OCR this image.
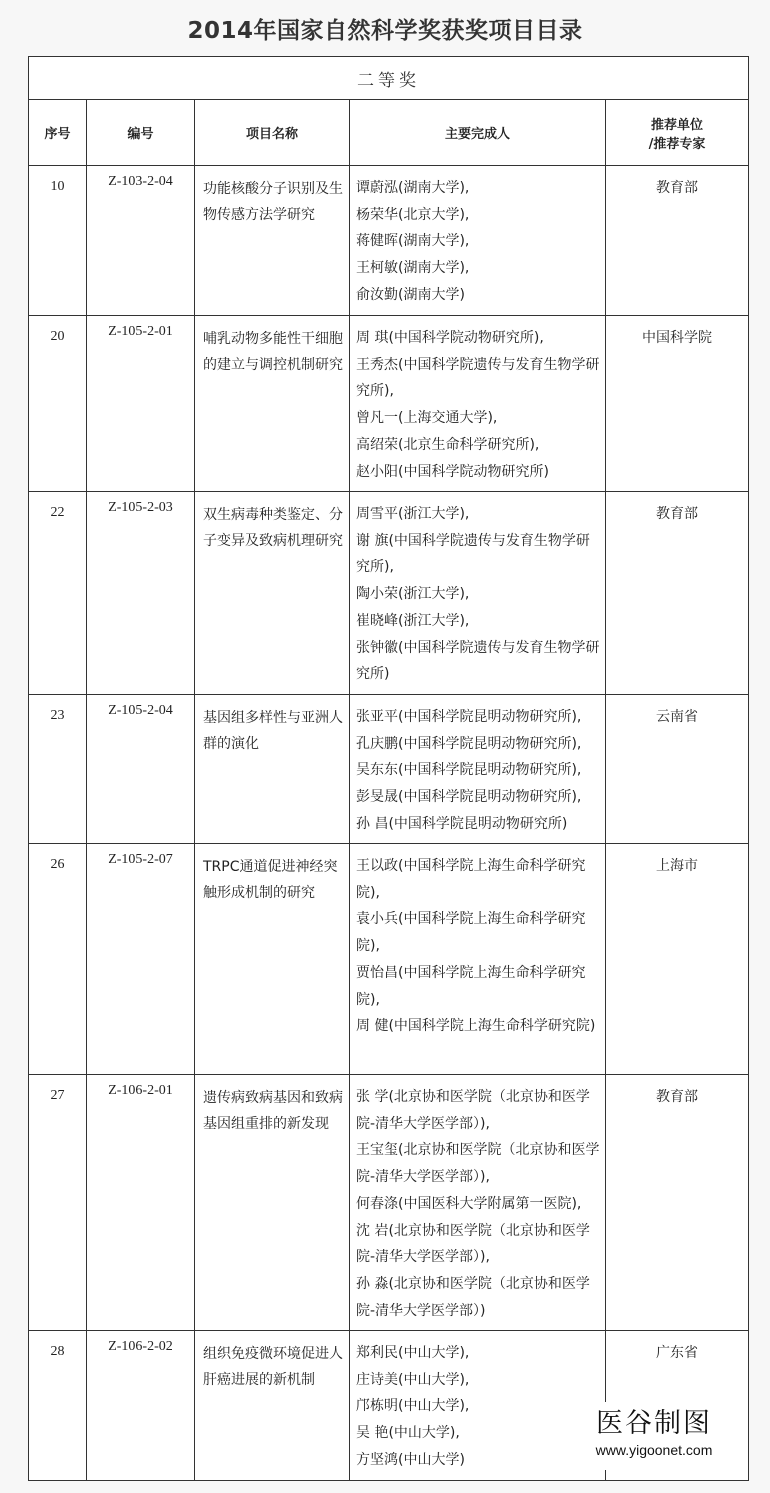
2014年国家自然科学奖获奖项目目录
二等奖				
序号	编号	项目名称	主要完成人	推荐单位
/推荐专家

10	Z-103-2-04	功能核酸分子识别及生物传感方法学研究	谭蔚泓(湖南大学),
杨荣华(北京大学),
蒋健晖(湖南大学),
王柯敏(湖南大学),
俞汝勤(湖南大学)	教育部
20	Z-105-2-01	哺乳动物多能性干细胞的建立与调控机制研究	周 琪(中国科学院动物研究所),
王秀杰(中国科学院遗传与发育生物学研究所),
曾凡一(上海交通大学),
高绍荣(北京生命科学研究所),
赵小阳(中国科学院动物研究所)	中国科学院
22	Z-105-2-03	双生病毒种类鉴定、分子变异及致病机理研究	周雪平(浙江大学),
谢 旗(中国科学院遗传与发育生物学研究所),
陶小荣(浙江大学),
崔晓峰(浙江大学),
张钟徽(中国科学院遗传与发育生物学研究所)	教育部
23	Z-105-2-04	基因组多样性与亚洲人群的演化	张亚平(中国科学院昆明动物研究所),
孔庆鹏(中国科学院昆明动物研究所),
吴东东(中国科学院昆明动物研究所),
彭旻晟(中国科学院昆明动物研究所),
孙 昌(中国科学院昆明动物研究所)	云南省
26	Z-105-2-07	TRPC通道促进神经突触形成机制的研究	王以政(中国科学院上海生命科学研究院),
袁小兵(中国科学院上海生命科学研究院),
贾怡昌(中国科学院上海生命科学研究院),
周 健(中国科学院上海生命科学研究院)	上海市
27	Z-106-2-01	遗传病致病基因和致病基因组重排的新发现	张 学(北京协和医学院（北京协和医学院-清华大学医学部）),
王宝玺(北京协和医学院（北京协和医学院-清华大学医学部）),
何春涤(中国医科大学附属第一医院),
沈 岩(北京协和医学院（北京协和医学院-清华大学医学部）),
孙 淼(北京协和医学院（北京协和医学院-清华大学医学部）)	教育部
28	Z-106-2-02	组织免疫微环境促进人肝癌进展的新机制	郑利民(中山大学),
庄诗美(中山大学),
邝栋明(中山大学),
吴 艳(中山大学),
方坚鸿(中山大学)	广东省
医谷制图
www.yigoonet.com
